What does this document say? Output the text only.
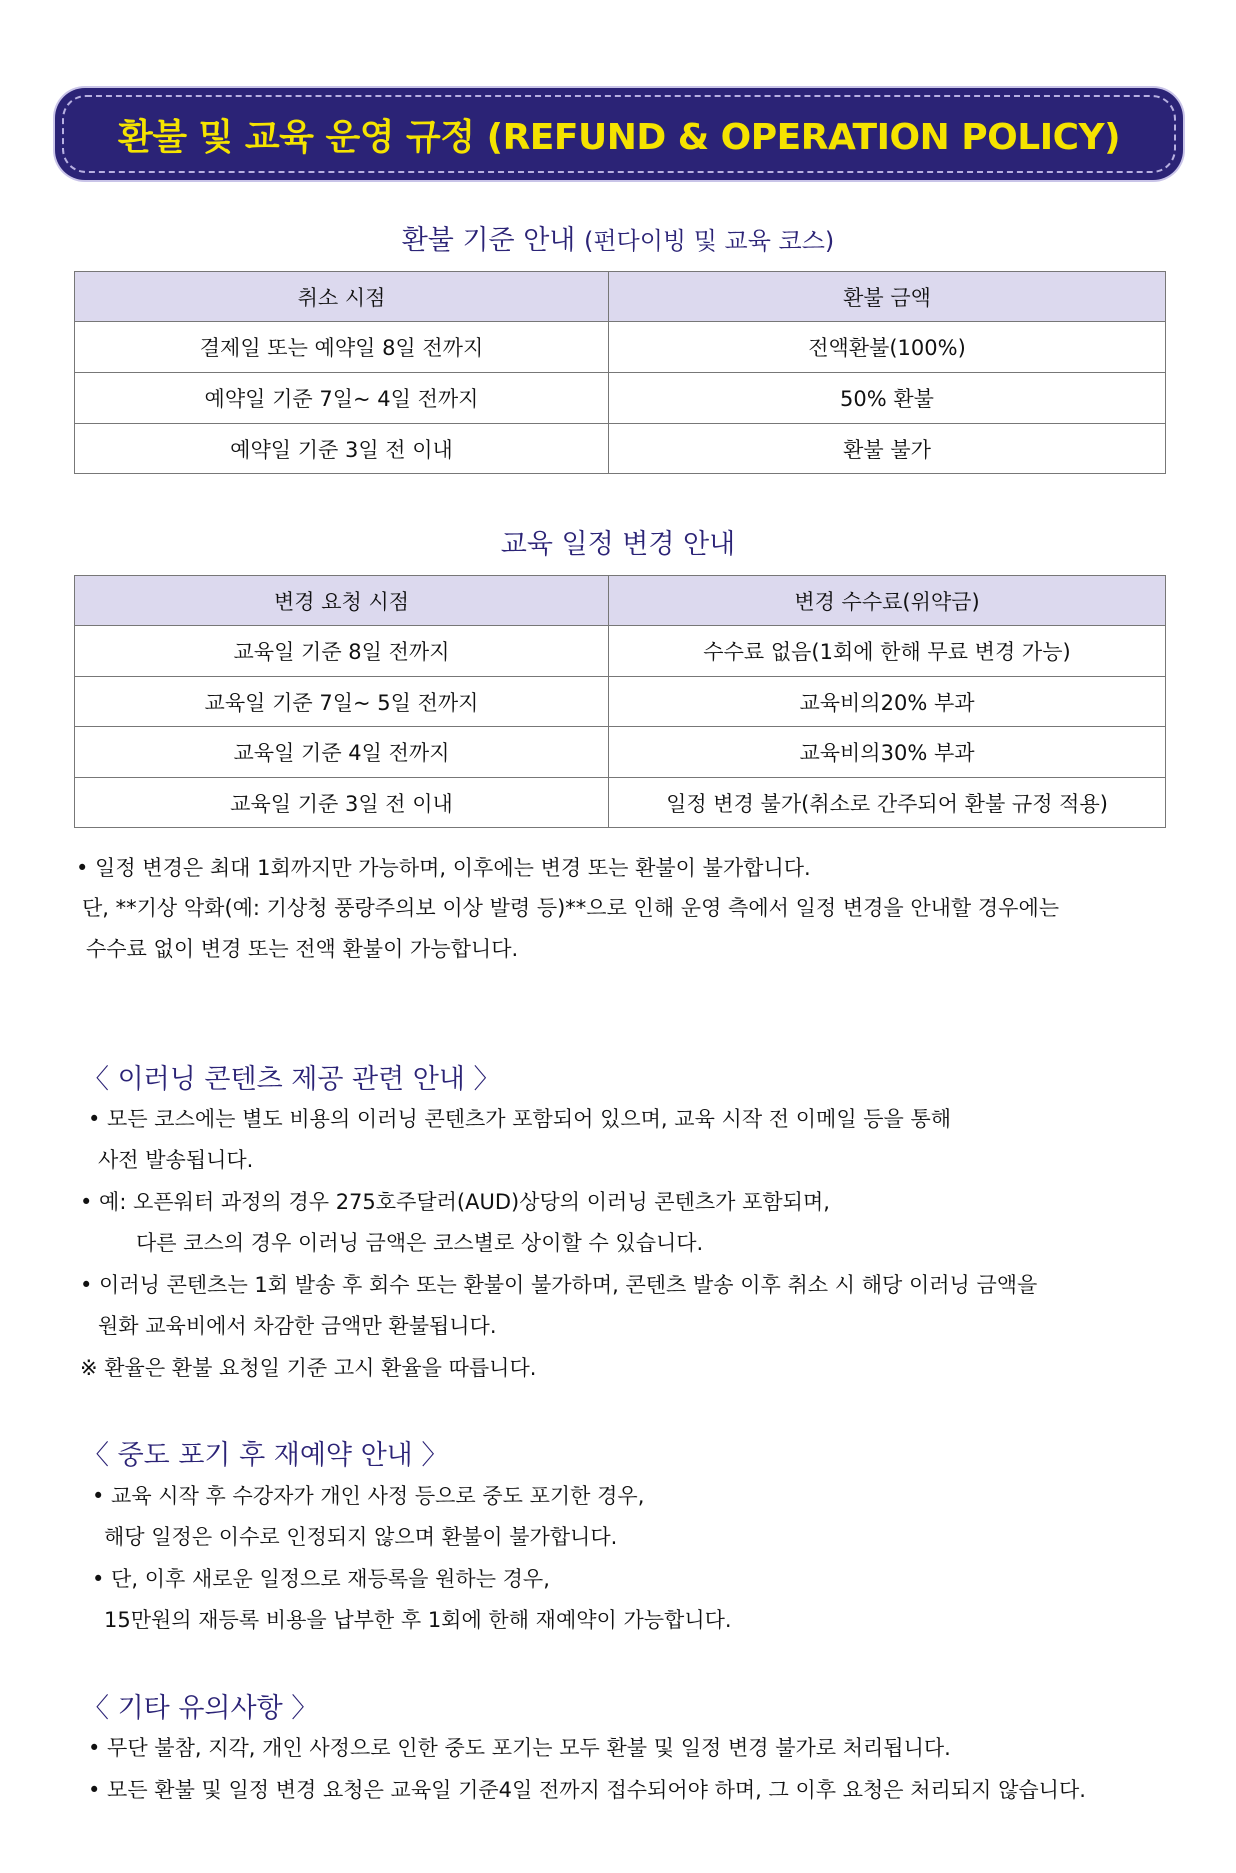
환불 및 교육 운영 규정 (REFUND & OPERATION POLICY)
환불 기준 안내 (펀다이빙 및 교육 코스)
취소 시점	환불 금액
결제일 또는 예약일 8일 전까지	전액환불(100%)
예약일 기준 7일~ 4일 전까지	50% 환불
예약일 기준 3일 전 이내	환불 불가
교육 일정 변경 안내
변경 요청 시점	변경 수수료(위약금)
교육일 기준 8일 전까지	수수료 없음(1회에 한해 무료 변경 가능)
교육일 기준 7일~ 5일 전까지	교육비의20% 부과
교육일 기준 4일 전까지	교육비의30% 부과
교육일 기준 3일 전 이내	일정 변경 불가(취소로 간주되어 환불 규정 적용)
• 일정 변경은 최대 1회까지만 가능하며, 이후에는 변경 또는 환불이 불가합니다.
단, **기상 악화(예: 기상청 풍랑주의보 이상 발령 등)**으로 인해 운영 측에서 일정 변경을 안내할 경우에는
수수료 없이 변경 또는 전액 환불이 가능합니다.
〈 이러닝 콘텐츠 제공 관련 안내 〉
• 모든 코스에는 별도 비용의 이러닝 콘텐츠가 포함되어 있으며, 교육 시작 전 이메일 등을 통해
사전 발송됩니다.
• 예: 오픈워터 과정의 경우 275호주달러(AUD)상당의 이러닝 콘텐츠가 포함되며,
다른 코스의 경우 이러닝 금액은 코스별로 상이할 수 있습니다.
• 이러닝 콘텐츠는 1회 발송 후 회수 또는 환불이 불가하며, 콘텐츠 발송 이후 취소 시 해당 이러닝 금액을
원화 교육비에서 차감한 금액만 환불됩니다.
※ 환율은 환불 요청일 기준 고시 환율을 따릅니다.
〈 중도 포기 후 재예약 안내 〉
• 교육 시작 후 수강자가 개인 사정 등으로 중도 포기한 경우,
해당 일정은 이수로 인정되지 않으며 환불이 불가합니다.
• 단, 이후 새로운 일정으로 재등록을 원하는 경우,
15만원의 재등록 비용을 납부한 후 1회에 한해 재예약이 가능합니다.
〈 기타 유의사항 〉
• 무단 불참, 지각, 개인 사정으로 인한 중도 포기는 모두 환불 및 일정 변경 불가로 처리됩니다.
• 모든 환불 및 일정 변경 요청은 교육일 기준4일 전까지 접수되어야 하며, 그 이후 요청은 처리되지 않습니다.
